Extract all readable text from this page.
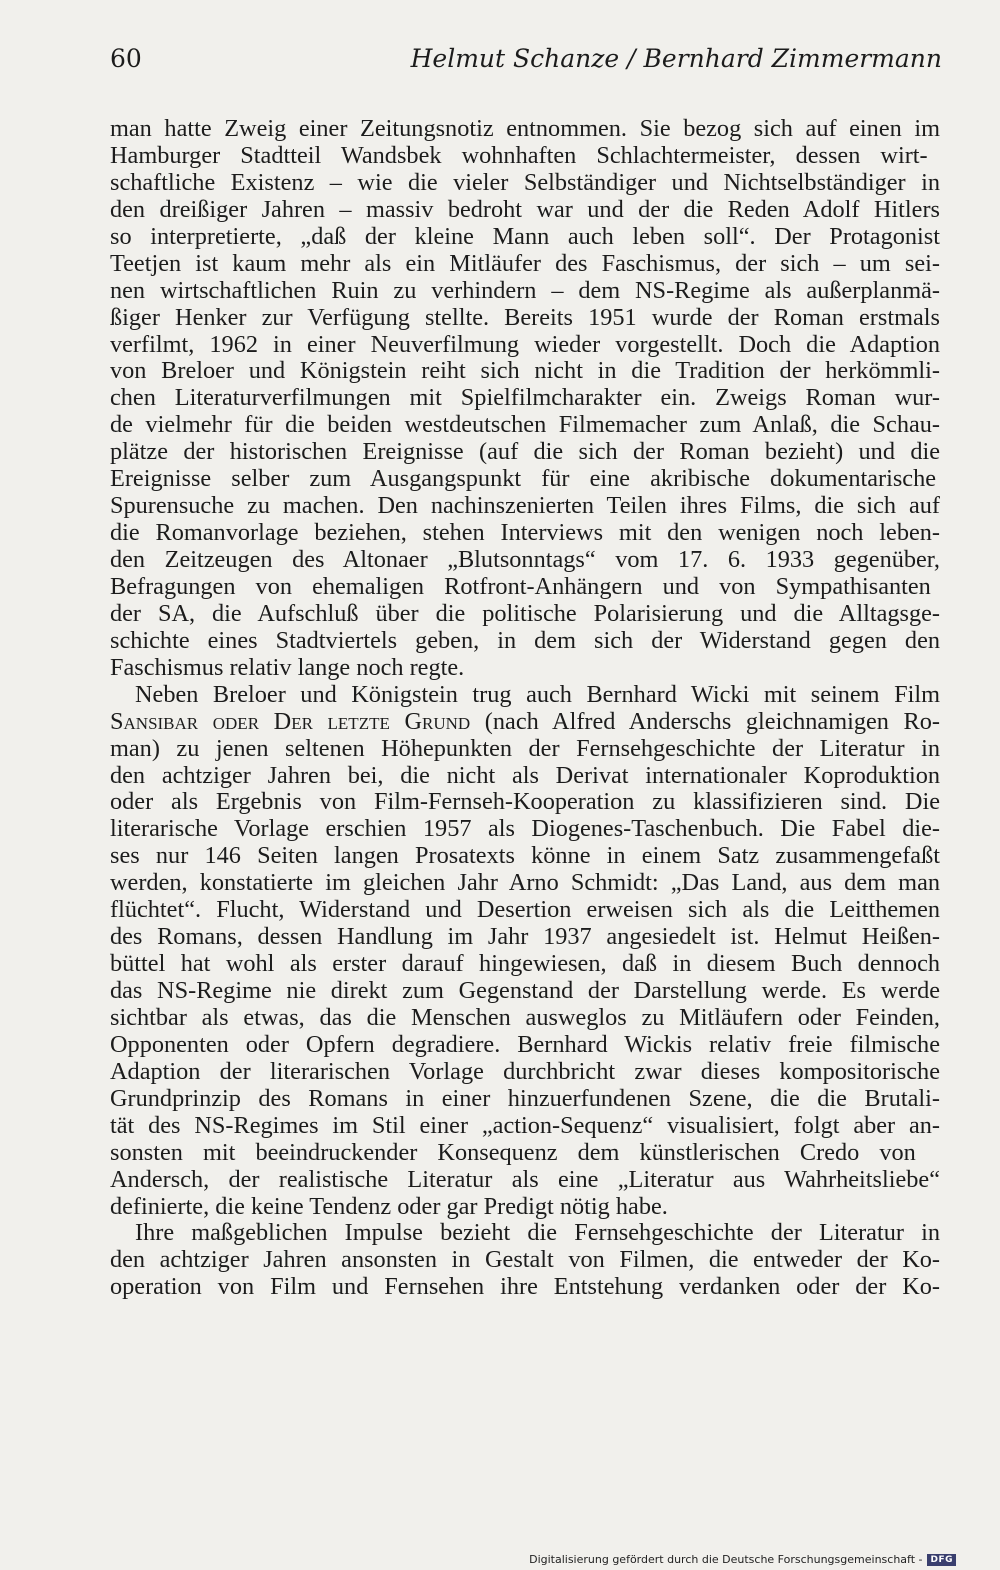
60	Helmut Schanze / Bernhard Zimmermann
man hatte Zweig einer Zeitungsnotiz entnommen. Sie bezog sich auf einen im
Hamburger Stadtteil Wandsbek wohnhaften Schlachtermeister, dessen wirt-
schaftliche Existenz – wie die vieler Selbständiger und Nichtselbständiger in
den dreißiger Jahren – massiv bedroht war und der die Reden Adolf Hitlers
so interpretierte, „daß der kleine Mann auch leben soll“. Der Protagonist
Teetjen ist kaum mehr als ein Mitläufer des Faschismus, der sich – um sei-
nen wirtschaftlichen Ruin zu verhindern – dem NS-Regime als außerplanmä-
ßiger Henker zur Verfügung stellte. Bereits 1951 wurde der Roman erstmals
verfilmt, 1962 in einer Neuverfilmung wieder vorgestellt. Doch die Adaption
von Breloer und Königstein reiht sich nicht in die Tradition der herkömmli-
chen Literaturverfilmungen mit Spielfilmcharakter ein. Zweigs Roman wur-
de vielmehr für die beiden westdeutschen Filmemacher zum Anlaß, die Schau-
plätze der historischen Ereignisse (auf die sich der Roman bezieht) und die
Ereignisse selber zum Ausgangspunkt für eine akribische dokumentarische
Spurensuche zu machen. Den nachinszenierten Teilen ihres Films, die sich auf
die Romanvorlage beziehen, stehen Interviews mit den wenigen noch leben-
den Zeitzeugen des Altonaer „Blutsonntags“ vom 17. 6. 1933 gegenüber,
Befragungen von ehemaligen Rotfront-Anhängern und von Sympathisanten
der SA, die Aufschluß über die politische Polarisierung und die Alltagsge-
schichte eines Stadtviertels geben, in dem sich der Widerstand gegen den
Faschismus relativ lange noch regte.
Neben Breloer und Königstein trug auch Bernhard Wicki mit seinem Film
Sansibar oder Der letzte Grund (nach Alfred Anderschs gleichnamigen Ro-
man) zu jenen seltenen Höhepunkten der Fernsehgeschichte der Literatur in
den achtziger Jahren bei, die nicht als Derivat internationaler Koproduktion
oder als Ergebnis von Film-Fernseh-Kooperation zu klassifizieren sind. Die
literarische Vorlage erschien 1957 als Diogenes-Taschenbuch. Die Fabel die-
ses nur 146 Seiten langen Prosatexts könne in einem Satz zusammengefaßt
werden, konstatierte im gleichen Jahr Arno Schmidt: „Das Land, aus dem man
flüchtet“. Flucht, Widerstand und Desertion erweisen sich als die Leitthemen
des Romans, dessen Handlung im Jahr 1937 angesiedelt ist. Helmut Heißen-
büttel hat wohl als erster darauf hingewiesen, daß in diesem Buch dennoch
das NS-Regime nie direkt zum Gegenstand der Darstellung werde. Es werde
sichtbar als etwas, das die Menschen ausweglos zu Mitläufern oder Feinden,
Opponenten oder Opfern degradiere. Bernhard Wickis relativ freie filmische
Adaption der literarischen Vorlage durchbricht zwar dieses kompositorische
Grundprinzip des Romans in einer hinzuerfundenen Szene, die die Brutali-
tät des NS-Regimes im Stil einer „action-Sequenz“ visualisiert, folgt aber an-
sonsten mit beeindruckender Konsequenz dem künstlerischen Credo von
Andersch, der realistische Literatur als eine „Literatur aus Wahrheitsliebe“
definierte, die keine Tendenz oder gar Predigt nötig habe.
Ihre maßgeblichen Impulse bezieht die Fernsehgeschichte der Literatur in
den achtziger Jahren ansonsten in Gestalt von Filmen, die entweder der Ko-
operation von Film und Fernsehen ihre Entstehung verdanken oder der Ko-
Digitalisierung gefördert durch die Deutsche Forschungsgemeinschaft - DFG
